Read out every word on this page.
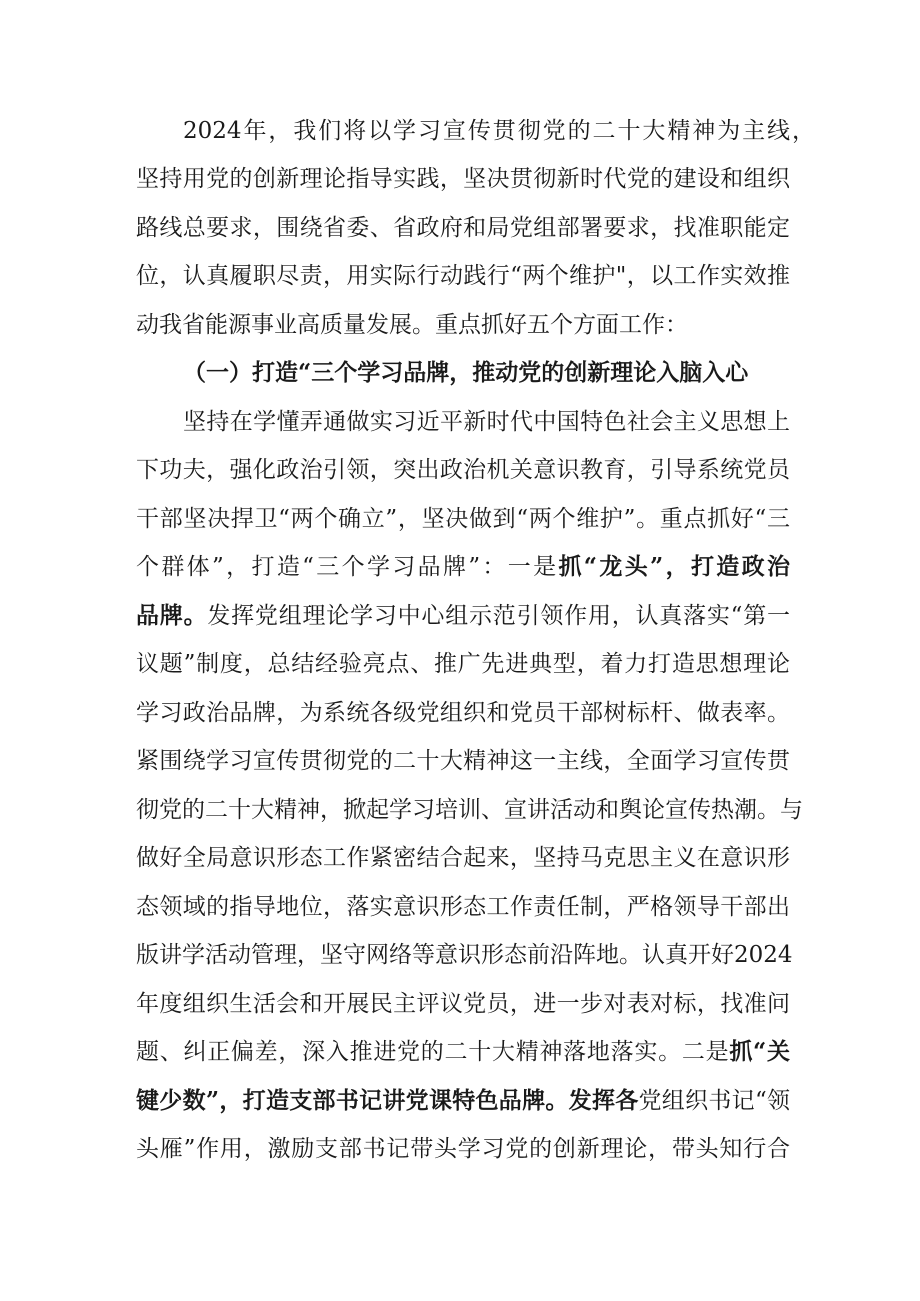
2024年，我们将以学习宣传贯彻党的二十大精神为主线，
坚持用党的创新理论指导实践，坚决贯彻新时代党的建设和组织
路线总要求，围绕省委、省政府和局党组部署要求，找准职能定
位，认真履职尽责，用实际行动践行“两个维护"，以工作实效推
动我省能源事业高质量发展。重点抓好五个方面工作：
（一）打造“三个学习品牌，推动党的创新理论入脑入心
坚持在学懂弄通做实习近平新时代中国特色社会主义思想上
下功夫，强化政治引领，突出政治机关意识教育，引导系统党员
干部坚决捍卫“两个确立”，坚决做到“两个维护”。重点抓好“三
个群体”，打造“三个学习品牌”：一是抓“龙头”，打造政治
品牌。发挥党组理论学习中心组示范引领作用，认真落实“第一
议题”制度，总结经验亮点、推广先进典型，着力打造思想理论
学习政治品牌，为系统各级党组织和党员干部树标杆、做表率。
紧围绕学习宣传贯彻党的二十大精神这一主线，全面学习宣传贯
彻党的二十大精神，掀起学习培训、宣讲活动和舆论宣传热潮。与
做好全局意识形态工作紧密结合起来，坚持马克思主义在意识形
态领域的指导地位，落实意识形态工作责任制，严格领导干部出
版讲学活动管理，坚守网络等意识形态前沿阵地。认真开好2024
年度组织生活会和开展民主评议党员，进一步对表对标，找准问
题、纠正偏差，深入推进党的二十大精神落地落实。二是抓“关
键少数”，打造支部书记讲党课特色品牌。发挥各党组织书记“领
头雁”作用，激励支部书记带头学习党的创新理论，带头知行合
